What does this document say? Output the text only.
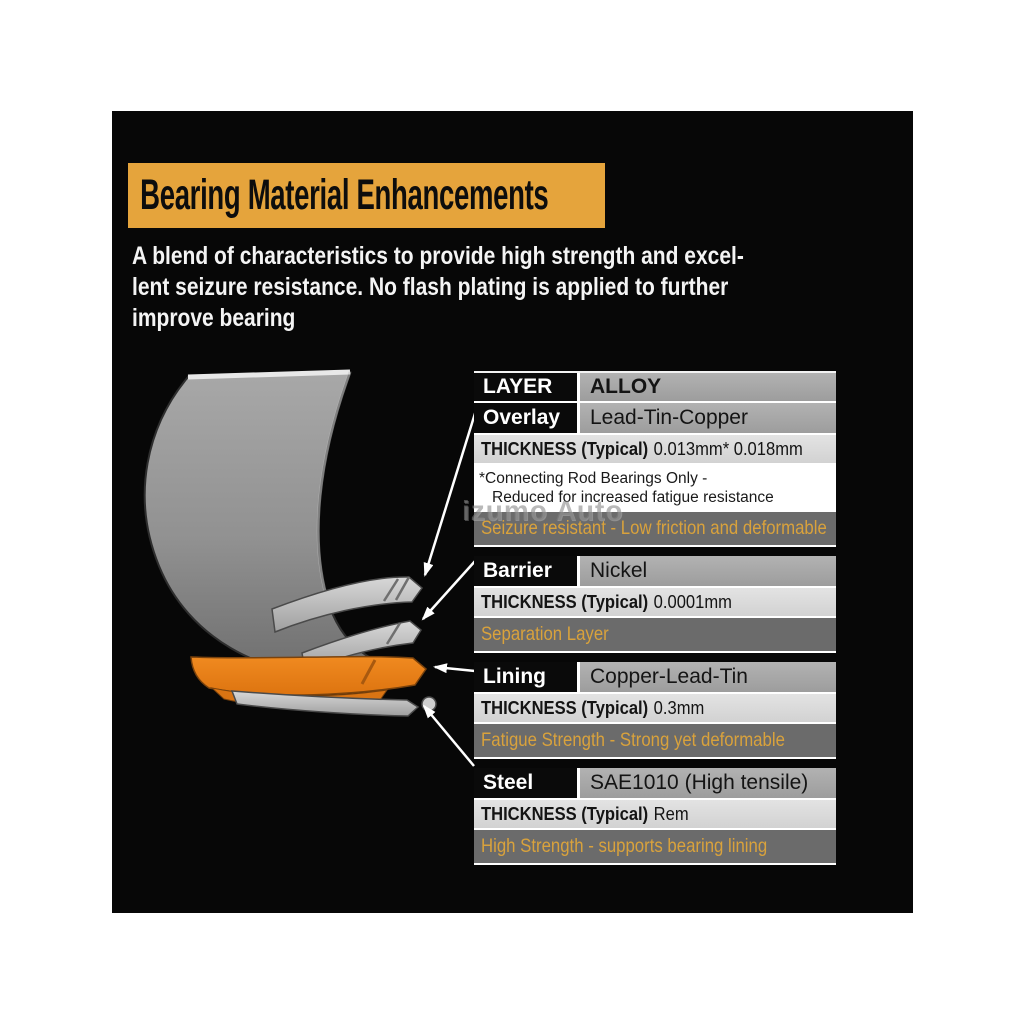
Bearing Material Enhancements
A blend of characteristics to provide high strength and excel-
lent seizure resistance. No flash plating is applied to further
improve bearing
izumo Auto
LAYER	ALLOY
Overlay	Lead-Tin-Copper
THICKNESS (Typical) 0.013mm* 0.018mm
*Connecting Rod Bearings Only -
Reduced for increased fatigue resistance
Seizure resistant - Low friction and deformable
Barrier	Nickel
THICKNESS (Typical) 0.0001mm
Separation Layer
Lining	Copper-Lead-Tin
THICKNESS (Typical) 0.3mm
Fatigue Strength - Strong yet deformable
Steel	SAE1010 (High tensile)
THICKNESS (Typical) Rem
High Strength - supports bearing lining
